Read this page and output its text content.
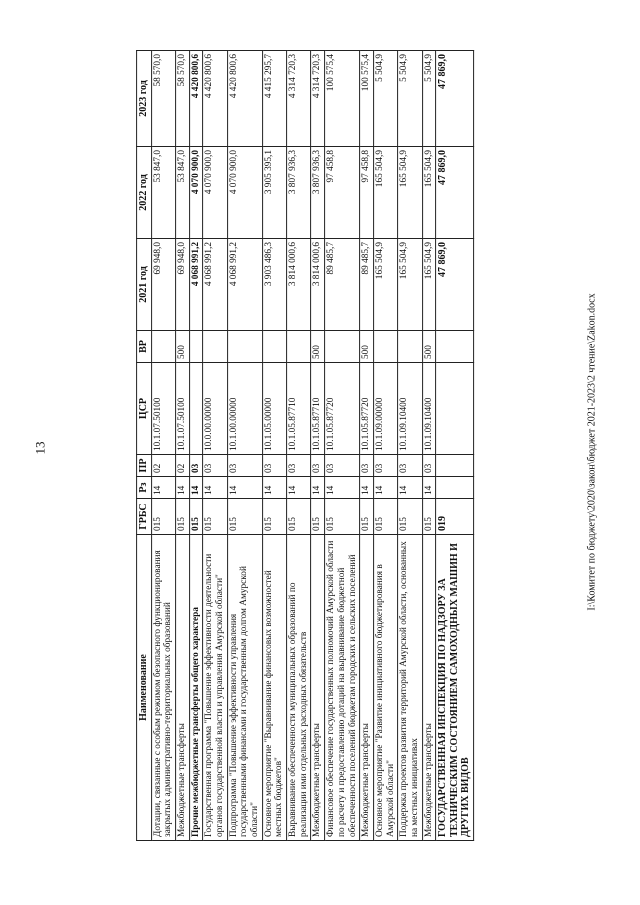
13
Наименование	ГРБС	Рз	ПР	ЦСР	ВР	2021 год	2022 год	2023 год
Дотации, связанные с особым режимом безопасного функционирования закрытых административно-территориальных образований	015	14	02	10.1.07.50100		69 948,0	53 847,0	58 570,0
Межбюджетные трансферты	015	14	02	10.1.07.50100	500	69 948,0	53 847,0	58 570,0
Прочие межбюджетные трансферты общего характера	015	14	03			4 068 991,2	4 070 900,0	4 420 800,6
Государственная программа "Повышение эффективности деятельности органов государственной власти и управления Амурской области"	015	14	03	10.0.00.00000		4 068 991,2	4 070 900,0	4 420 800,6
Подпрограмма "Повышение эффективности управления государственными финансами и государственным долгом Амурской области"	015	14	03	10.1.00.00000		4 068 991,2	4 070 900,0	4 420 800,6
Основное мероприятие "Выравнивание финансовых возможностей местных бюджетов"	015	14	03	10.1.05.00000		3 903 486,3	3 905 395,1	4 415 295,7
Выравнивание обеспеченности муниципальных образований по реализации ими отдельных расходных обязательств	015	14	03	10.1.05.87710		3 814 000,6	3 807 936,3	4 314 720,3
Межбюджетные трансферты	015	14	03	10.1.05.87710	500	3 814 000,6	3 807 936,3	4 314 720,3
Финансовое обеспечение государственных полномочий Амурской области по расчету и предоставлению дотаций на выравнивание бюджетной обеспеченности поселений бюджетам городских и сельских поселений	015	14	03	10.1.05.87720		89 485,7	97 458,8	100 575,4
Межбюджетные трансферты	015	14	03	10.1.05.87720	500	89 485,7	97 458,8	100 575,4
Основное мероприятие "Развитие инициативного бюджетирования в Амурской области"	015	14	03	10.1.09.00000		165 504,9	165 504,9	5 504,9
Поддержка проектов развития территорий Амурской области, основанных на местных инициативах	015	14	03	10.1.09.10400		165 504,9	165 504,9	5 504,9
Межбюджетные трансферты	015	14	03	10.1.09.10400	500	165 504,9	165 504,9	5 504,9
ГОСУДАРСТВЕННАЯ ИНСПЕКЦИЯ ПО НАДЗОРУ ЗА ТЕХНИЧЕСКИМ СОСТОЯНИЕМ САМОХОДНЫХ МАШИН И ДРУГИХ ВИДОВ	019					47 869,0	47 869,0	47 869,0
I:\Комитет по бюджету\2020\закон\бюджет 2021-2023\2 чтение\Zakon.docx
